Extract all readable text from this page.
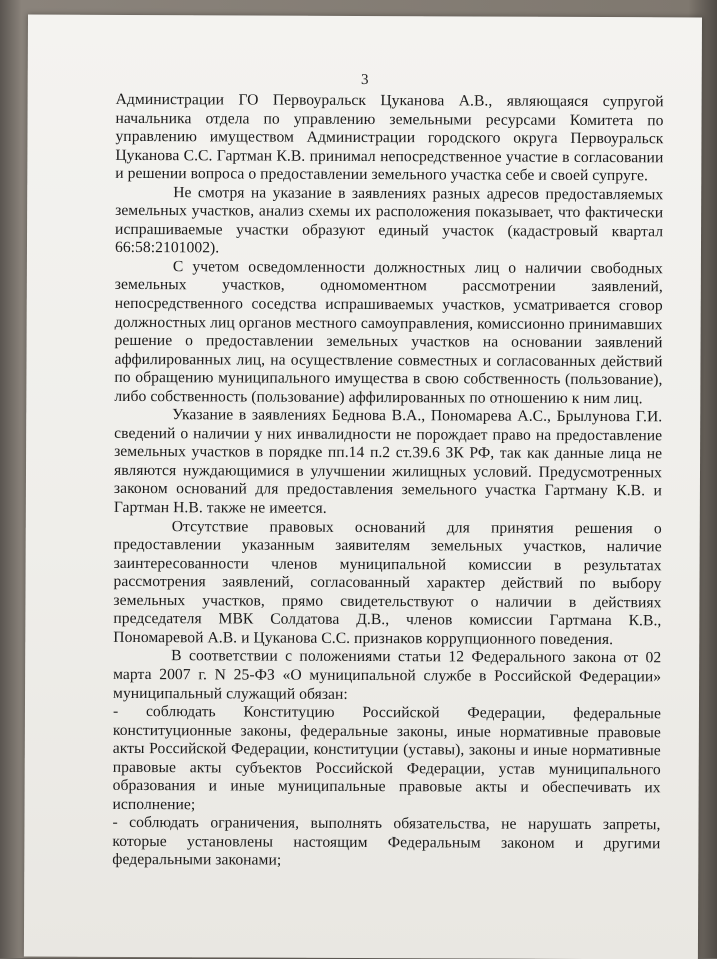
3

Администрации ГО Первоуральск Цуканова А.В., являющаяся супругой начальника отдела по управлению земельными ресурсами Комитета по управлению имуществом Администрации городского округа Первоуральск Цуканова С.С. Гартман К.В. принимал непосредственное участие в согласовании и решении вопроса о предоставлении земельного участка себе и своей супруге.

Не смотря на указание в заявлениях разных адресов предоставляемых земельных участков, анализ схемы их расположения показывает, что фактически испрашиваемые участки образуют единый участок (кадастровый квартал 66:58:2101002).

С учетом осведомленности должностных лиц о наличии свободных земельных участков, одномоментном рассмотрении заявлений, непосредственного соседства испрашиваемых участков, усматривается сговор должностных лиц органов местного самоуправления, комиссионно принимавших решение о предоставлении земельных участков на основании заявлений аффилированных лиц, на осуществление совместных и согласованных действий по обращению муниципального имущества в свою собственность (пользование), либо собственность (пользование) аффилированных по отношению к ним лиц.

Указание в заявлениях Беднова В.А., Пономарева А.С., Брылунова Г.И. сведений о наличии у них инвалидности не порождает право на предоставление земельных участков в порядке пп.14 п.2 ст.39.6 ЗК РФ, так как данные лица не являются нуждающимися в улучшении жилищных условий. Предусмотренных законом оснований для предоставления земельного участка Гартману К.В. и Гартман Н.В. также не имеется.

Отсутствие правовых оснований для принятия решения о предоставлении указанным заявителям земельных участков, наличие заинтересованности членов муниципальной комиссии в результатах рассмотрения заявлений, согласованный характер действий по выбору земельных участков, прямо свидетельствуют о наличии в действиях председателя МВК Солдатова Д.В., членов комиссии Гартмана К.В., Пономаревой А.В. и Цуканова С.С. признаков коррупционного поведения.

В соответствии с положениями статьи 12 Федерального закона от 02 марта 2007 г. N 25-ФЗ «О муниципальной службе в Российской Федерации» муниципальный служащий обязан:

- соблюдать Конституцию Российской Федерации, федеральные конституционные законы, федеральные законы, иные нормативные правовые акты Российской Федерации, конституции (уставы), законы и иные нормативные правовые акты субъектов Российской Федерации, устав муниципального образования и иные муниципальные правовые акты и обеспечивать их исполнение;

- соблюдать ограничения, выполнять обязательства, не нарушать запреты, которые установлены настоящим Федеральным законом и другими федеральными законами;
